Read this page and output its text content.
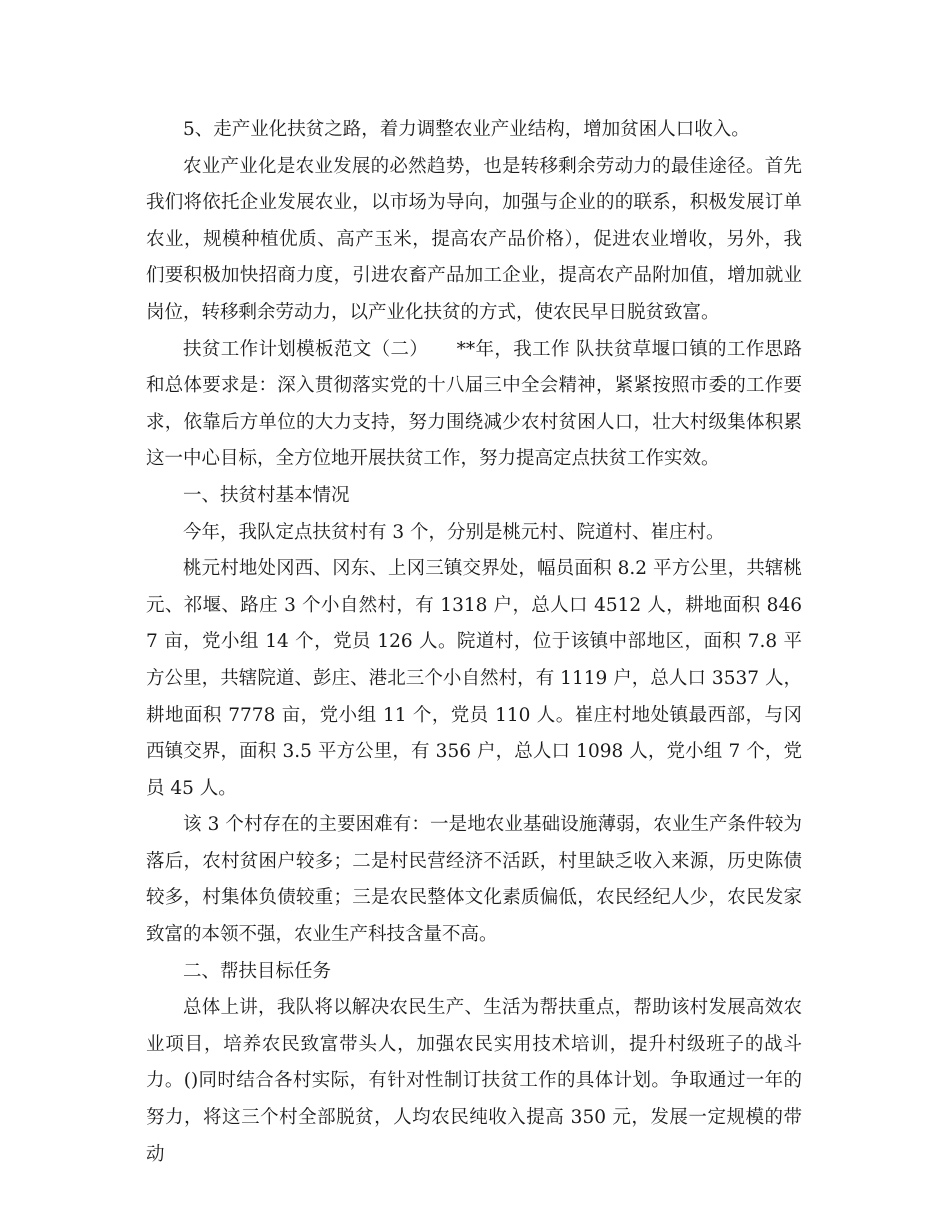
5、走产业化扶贫之路，着力调整农业产业结构，增加贫困人口收入。

农业产业化是农业发展的必然趋势，也是转移剩余劳动力的最佳途径。首先我们将依托企业发展农业，以市场为导向，加强与企业的的联系，积极发展订单农业，规模种植优质、高产玉米，提高农产品价格），促进农业增收，另外，我们要积极加快招商力度，引进农畜产品加工企业，提高农产品附加值，增加就业岗位，转移剩余劳动力，以产业化扶贫的方式，使农民早日脱贫致富。

扶贫工作计划模板范文（二）　　**年，我工作 队扶贫草堰口镇的工作思路和总体要求是：深入贯彻落实党的十八届三中全会精神，紧紧按照市委的工作要求，依靠后方单位的大力支持，努力围绕减少农村贫困人口，壮大村级集体积累这一中心目标，全方位地开展扶贫工作，努力提高定点扶贫工作实效。

一、扶贫村基本情况

今年，我队定点扶贫村有 3 个，分别是桃元村、院道村、崔庄村。

桃元村地处冈西、冈东、上冈三镇交界处，幅员面积 8.2 平方公里，共辖桃元、祁堰、路庄 3 个小自然村，有 1318 户，总人口 4512 人，耕地面积 8467 亩，党小组 14 个，党员 126 人。院道村，位于该镇中部地区，面积 7.8 平方公里，共辖院道、彭庄、港北三个小自然村，有 1119 户，总人口 3537 人，耕地面积 7778 亩，党小组 11 个，党员 110 人。崔庄村地处镇最西部，与冈西镇交界，面积 3.5 平方公里，有 356 户，总人口 1098 人，党小组 7 个，党员 45 人。

该 3 个村存在的主要困难有：一是地农业基础设施薄弱，农业生产条件较为落后，农村贫困户较多；二是村民营经济不活跃，村里缺乏收入来源，历史陈债较多，村集体负债较重；三是农民整体文化素质偏低，农民经纪人少，农民发家致富的本领不强，农业生产科技含量不高。

二、帮扶目标任务

总体上讲，我队将以解决农民生产、生活为帮扶重点，帮助该村发展高效农业项目，培养农民致富带头人，加强农民实用技术培训，提升村级班子的战斗力。()同时结合各村实际，有针对性制订扶贫工作的具体计划。争取通过一年的努力，将这三个村全部脱贫，人均农民纯收入提高 350 元，发展一定规模的带动
